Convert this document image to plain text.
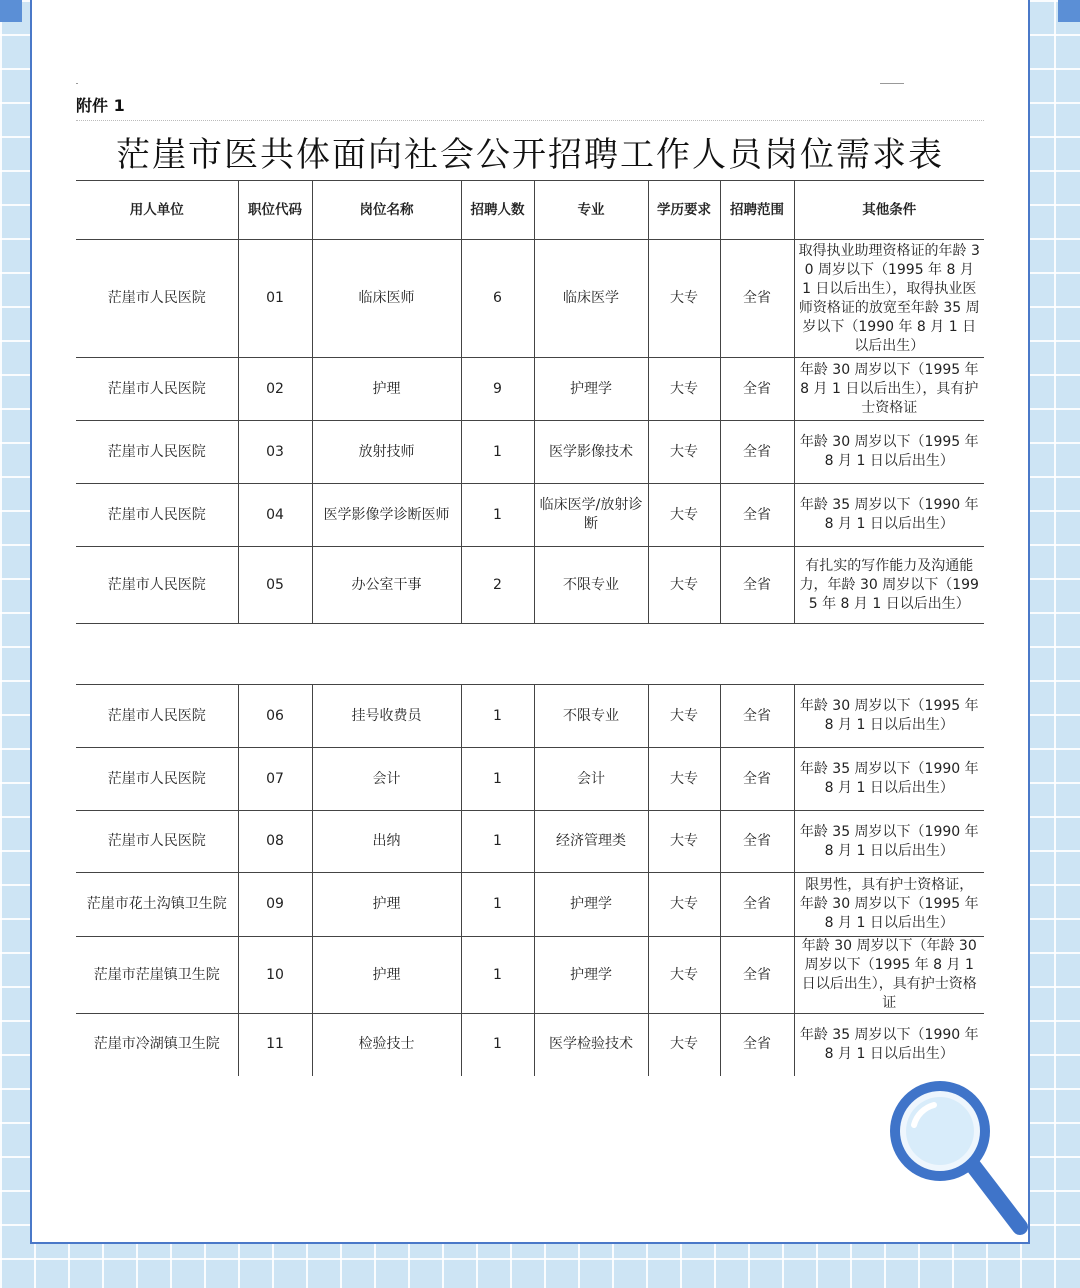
附件 1
茫崖市医共体面向社会公开招聘工作人员岗位需求表
用人单位	职位代码	岗位名称	招聘人数	专业	学历要求	招聘范围	其他条件
茫崖市人民医院	01	临床医师	6	临床医学	大专	全省	取得执业助理资格证的年龄 30 周岁以下（1995 年 8 月 1 日以后出生），取得执业医师资格证的放宽至年龄 35 周岁以下（1990 年 8 月 1 日以后出生）
茫崖市人民医院	02	护理	9	护理学	大专	全省	年龄 30 周岁以下（1995 年 8 月 1 日以后出生），具有护士资格证
茫崖市人民医院	03	放射技师	1	医学影像技术	大专	全省	年龄 30 周岁以下（1995 年 8 月 1 日以后出生）
茫崖市人民医院	04	医学影像学诊断医师	1	临床医学/放射诊断	大专	全省	年龄 35 周岁以下（1990 年 8 月 1 日以后出生）
茫崖市人民医院	05	办公室干事	2	不限专业	大专	全省	有扎实的写作能力及沟通能力，年龄 30 周岁以下（1995 年 8 月 1 日以后出生）
茫崖市人民医院	06	挂号收费员	1	不限专业	大专	全省	年龄 30 周岁以下（1995 年 8 月 1 日以后出生）
茫崖市人民医院	07	会计	1	会计	大专	全省	年龄 35 周岁以下（1990 年 8 月 1 日以后出生）
茫崖市人民医院	08	出纳	1	经济管理类	大专	全省	年龄 35 周岁以下（1990 年 8 月 1 日以后出生）
茫崖市花土沟镇卫生院	09	护理	1	护理学	大专	全省	限男性，具有护士资格证，年龄 30 周岁以下（1995 年 8 月 1 日以后出生）
茫崖市茫崖镇卫生院	10	护理	1	护理学	大专	全省	年龄 30 周岁以下（年龄 30 周岁以下（1995 年 8 月 1 日以后出生），具有护士资格证
茫崖市冷湖镇卫生院	11	检验技士	1	医学检验技术	大专	全省	年龄 35 周岁以下（1990 年 8 月 1 日以后出生）
